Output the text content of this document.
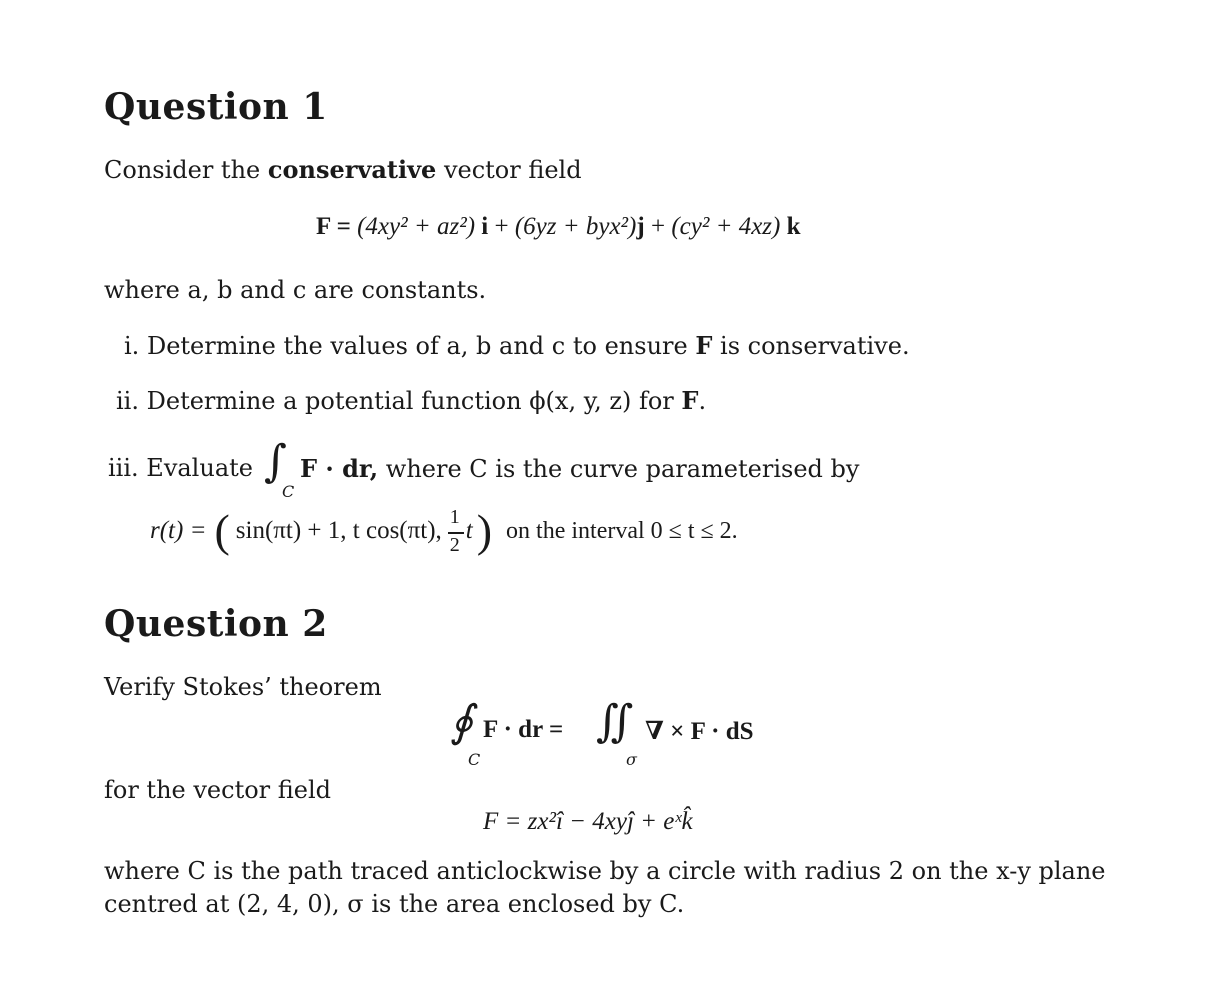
Question 1
Consider the conservative vector field
F = (4xy² + az²) i + (6yz + byx²)j + (cy² + 4xz) k
where a, b and c are constants.
i. Determine the values of a, b and c to ensure F is conservative.
ii. Determine a potential function ϕ(x, y, z) for F.
iii. Evaluate ∫
C
F · dr, where C is the curve parameterised by
r(t) = ( sin(πt) + 1, t cos(πt), $\frac{1}{2}$ t ) on the interval 0 ≤ t ≤ 2.
Question 2
Verify Stokes’ theorem
∮
C
F · dr = ∬
σ
∇ × F · dS
for the vector field
F = zx²î − 4xyĵ + eˣk̂
where C is the path traced anticlockwise by a circle with radius 2 on the x-y plane
centred at (2, 4, 0), σ is the area enclosed by C.
